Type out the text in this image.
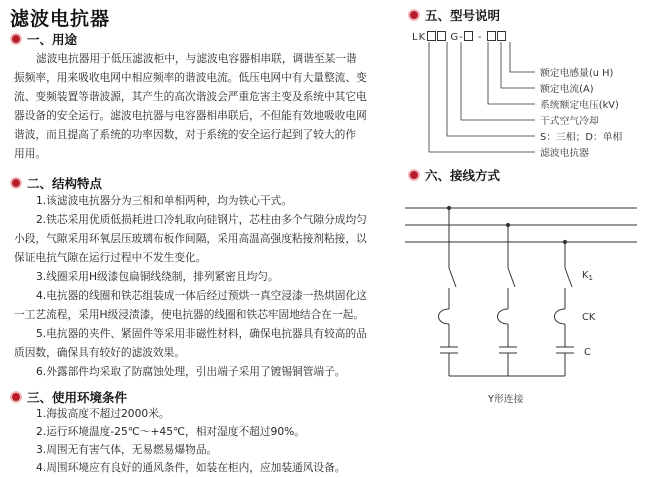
滤波电抗器
一、用途

滤波电抗器用于低压滤波柜中，与滤波电容器相串联，调谐至某一谐

振频率，用来吸收电网中相应频率的谐波电流。低压电网中有大量整流、变

流、变频装置等谐波源，其产生的高次谐波会严重危害主变及系统中其它电

器设备的安全运行。滤波电抗器与电容器相串联后，不但能有效地吸收电网

谐波，而且提高了系统的功率因数，对于系统的安全运行起到了较大的作

用用。

二、结构特点

1.该滤波电抗器分为三相和单相两种，均为铁心干式。

2.铁芯采用优质低损耗进口冷轧取向硅钢片，芯柱由多个气隙分成均匀

小段，气隙采用环氧层压玻璃布板作间隔，采用高温高强度粘接剂粘接，以

保证电抗气隙在运行过程中不发生变化。

3.线圈采用H级漆包扁铜线绕制，排列紧密且均匀。

4.电抗器的线圈和铁芯组装成一体后经过预烘一真空浸漆一热烘固化这

一工艺流程，采用H级浸渍漆，使电抗器的线圈和铁芯牢固地结合在一起。

5.电抗器的夹件、紧固件等采用非磁性材料，确保电抗器具有较高的品

质因数，确保具有较好的滤波效果。

6.外露部件均采取了防腐蚀处理，引出端子采用了镀锡铜管端子。

三、使用环境条件

1.海拔高度不超过2000米。

2.运行环境温度-25℃～+45℃，相对湿度不超过90%。

3.周围无有害气体，无易燃易爆物品。

4.周围环境应有良好的通风条件，如装在柜内，应加装通风设备。

五、型号说明
LK G- -
额定电感量(u H)
额定电流(A)
系统额定电压(kV)
干式空气冷却
S：三相；D：单相
滤波电抗器
六、接线方式
$K_1$
CK
C
Y形连接
